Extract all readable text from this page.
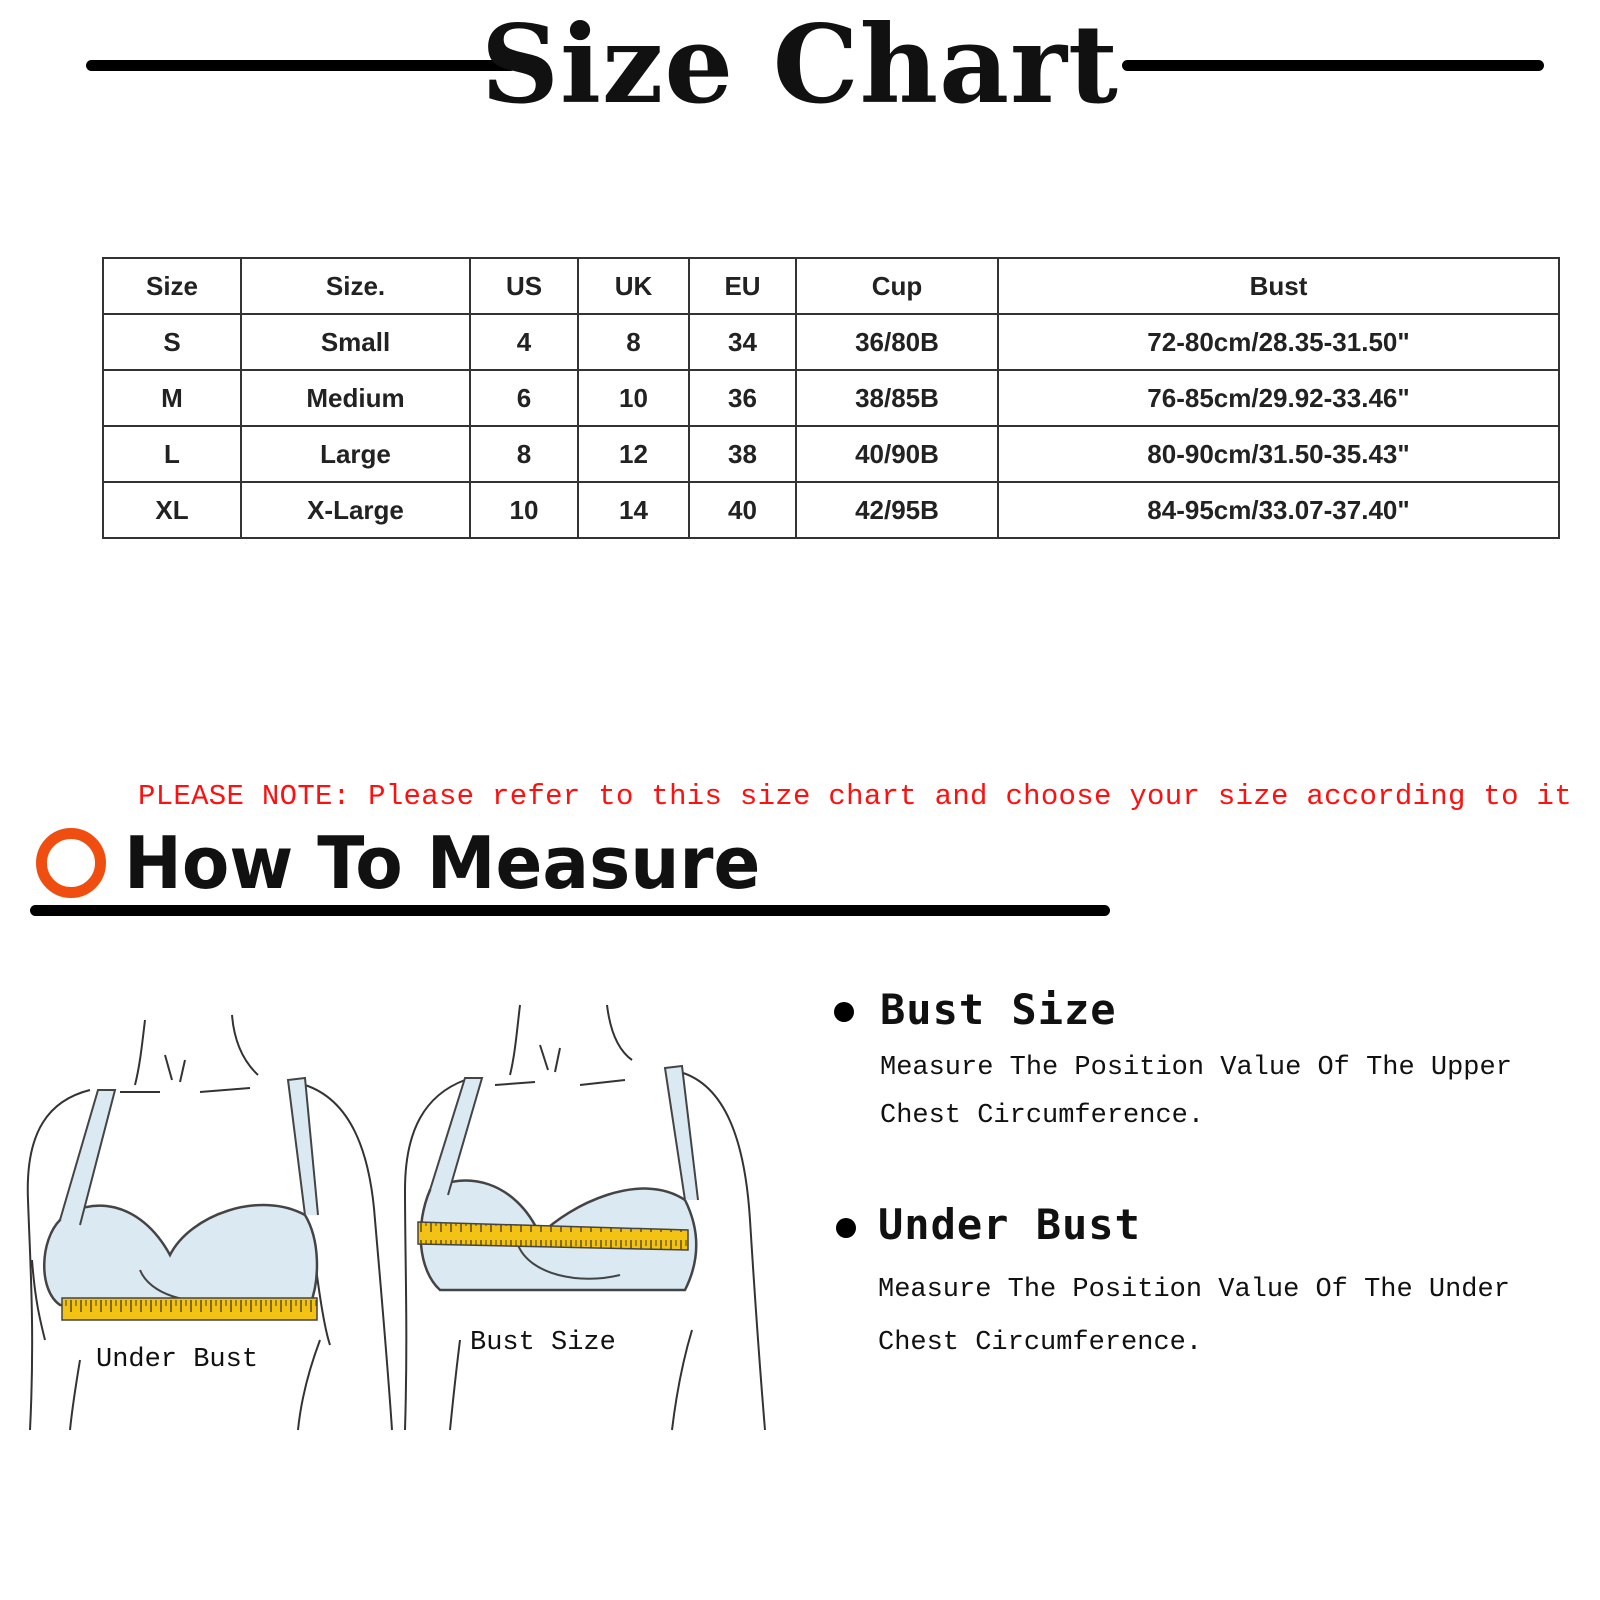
Size Chart
Size	Size.	US	UK	EU	Cup	Bust
S	Small	4	8	34	36/80B	72-80cm/28.35-31.50"
M	Medium	6	10	36	38/85B	76-85cm/29.92-33.46"
L	Large	8	12	38	40/90B	80-90cm/31.50-35.43"
XL	X-Large	10	14	40	42/95B	84-95cm/33.07-37.40"
PLEASE NOTE: Please refer to this size chart and choose your size according to it
How To Measure
Under Bust
Bust Size
Bust Size
Measure The Position Value Of The Upper
Chest Circumference.
Under Bust
Measure The Position Value Of The Under
Chest Circumference.
